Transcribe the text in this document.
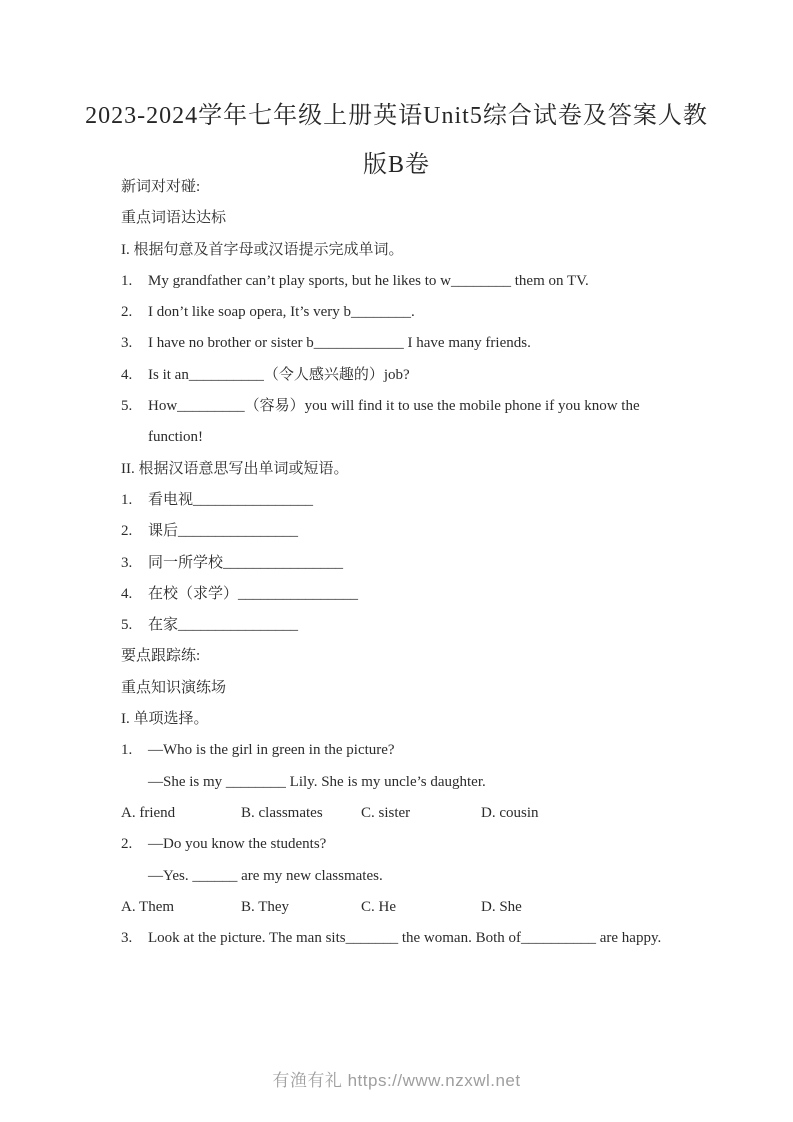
2023-2024学年七年级上册英语Unit5综合试卷及答案人教
版B卷
新词对对碰:
重点词语达达标
I. 根据句意及首字母或汉语提示完成单词。
1. My grandfather can’t play sports, but he likes to w________ them on TV.
2. I don’t like soap opera, It’s very b________.
3. I have no brother or sister b____________ I have many friends.
4. Is it an__________（令人感兴趣的）job?
5. How_________（容易）you will find it to use the mobile phone if you know the
function!
II. 根据汉语意思写出单词或短语。
1. 看电视________________
2. 课后________________
3. 同一所学校________________
4. 在校（求学）________________
5. 在家________________
要点跟踪练:
重点知识演练场
I. 单项选择。
1. —Who is the girl in green in the picture?
—She is my ________ Lily. She is my uncle’s daughter.
A. friend	B. classmates	C. sister	D. cousin
2. —Do you know the students?
—Yes. ______ are my new classmates.
A. Them	B. They	C. He	D. She
3. Look at the picture. The man sits_______ the woman. Both of__________ are happy.
有渔有礼 https://www.nzxwl.net
